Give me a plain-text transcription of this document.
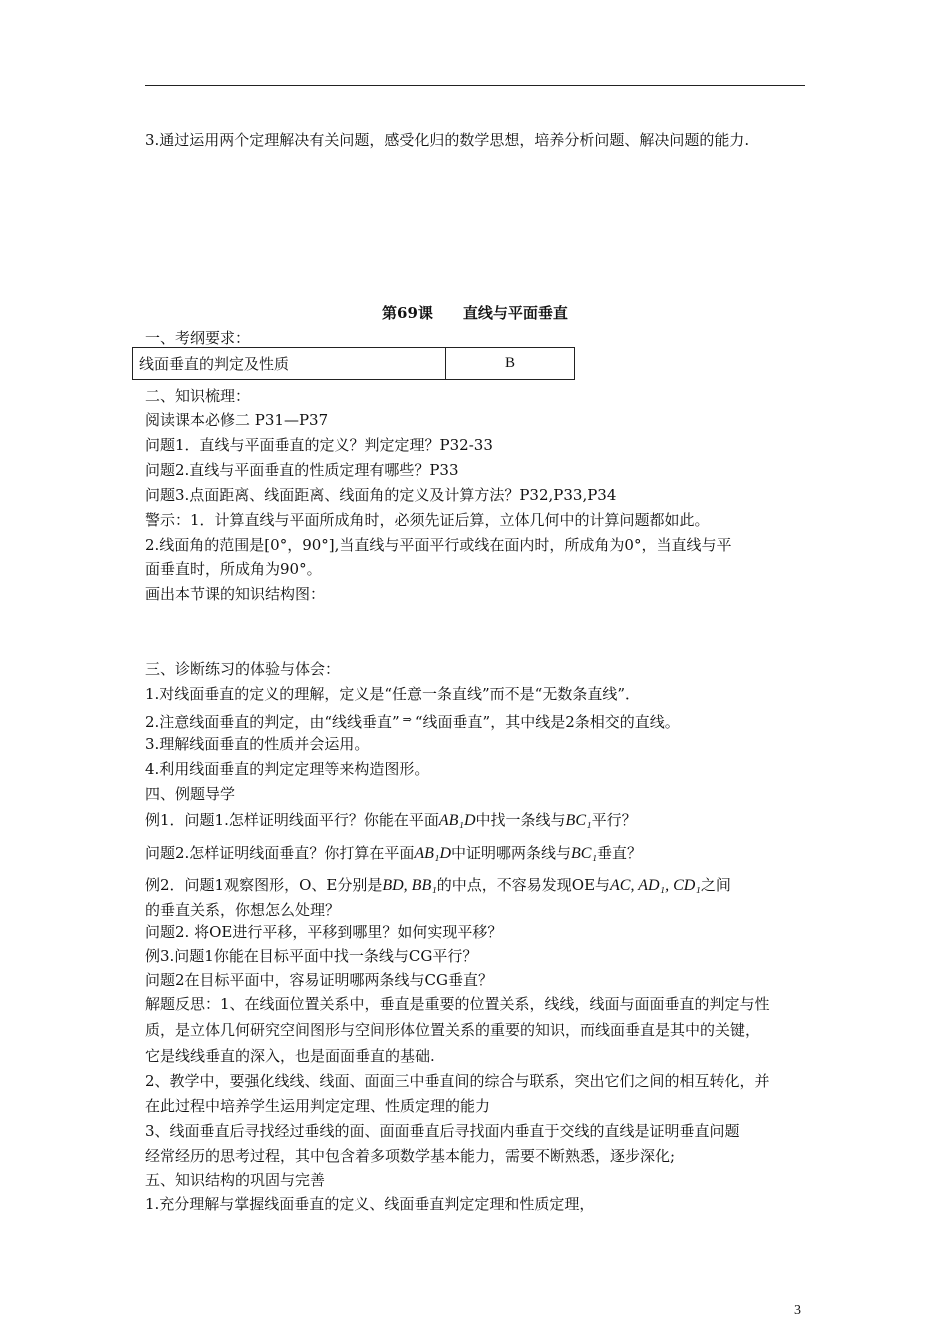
3.通过运用两个定理解决有关问题，感受化归的数学思想，培养分析问题、解决问题的能力.
第69课　　直线与平面垂直
一、考纲要求：
线面垂直的判定及性质	B
二、知识梳理：
阅读课本必修二 P31—P37
问题1．直线与平面垂直的定义？判定定理？P32-33
问题2.直线与平面垂直的性质定理有哪些？P33
问题3.点面距离、线面距离、线面角的定义及计算方法？P32,P33,P34
警示：1．计算直线与平面所成角时，必须先证后算，立体几何中的计算问题都如此。
2.线面角的范围是[0°，90°],当直线与平面平行或线在面内时，所成角为0°，当直线与平
面垂直时，所成角为90°。
画出本节课的知识结构图：
三、诊断练习的体验与体会：
1.对线面垂直的定义的理解，定义是“任意一条直线”而不是“无数条直线”．
2.注意线面垂直的判定，由“线线垂直” ⇒ “线面垂直”，其中线是2条相交的直线。
3.理解线面垂直的性质并会运用。
4.利用线面垂直的判定定理等来构造图形。
四、例题导学
例1．问题1.怎样证明线面平行？你能在平面AB₁D中找一条线与BC₁平行？
问题2.怎样证明线面垂直？你打算在平面AB₁D中证明哪两条线与BC₁垂直？
例2．问题1观察图形，O、E分别是BD, BB₁的中点，不容易发现OE与AC, AD₁, CD₁之间
的垂直关系，你想怎么处理？
问题2. 将OE进行平移，平移到哪里？如何实现平移？
例3.问题1你能在目标平面中找一条线与CG平行？
问题2在目标平面中，容易证明哪两条线与CG垂直？
解题反思：1、在线面位置关系中，垂直是重要的位置关系，线线，线面与面面垂直的判定与性
质，是立体几何研究空间图形与空间形体位置关系的重要的知识，而线面垂直是其中的关键，
它是线线垂直的深入，也是面面垂直的基础.
2、教学中，要强化线线、线面、面面三中垂直间的综合与联系，突出它们之间的相互转化，并
在此过程中培养学生运用判定定理、性质定理的能力
3、线面垂直后寻找经过垂线的面、面面垂直后寻找面内垂直于交线的直线是证明垂直问题
经常经历的思考过程，其中包含着多项数学基本能力，需要不断熟悉，逐步深化;
五、知识结构的巩固与完善
1.充分理解与掌握线面垂直的定义、线面垂直判定定理和性质定理，
3
